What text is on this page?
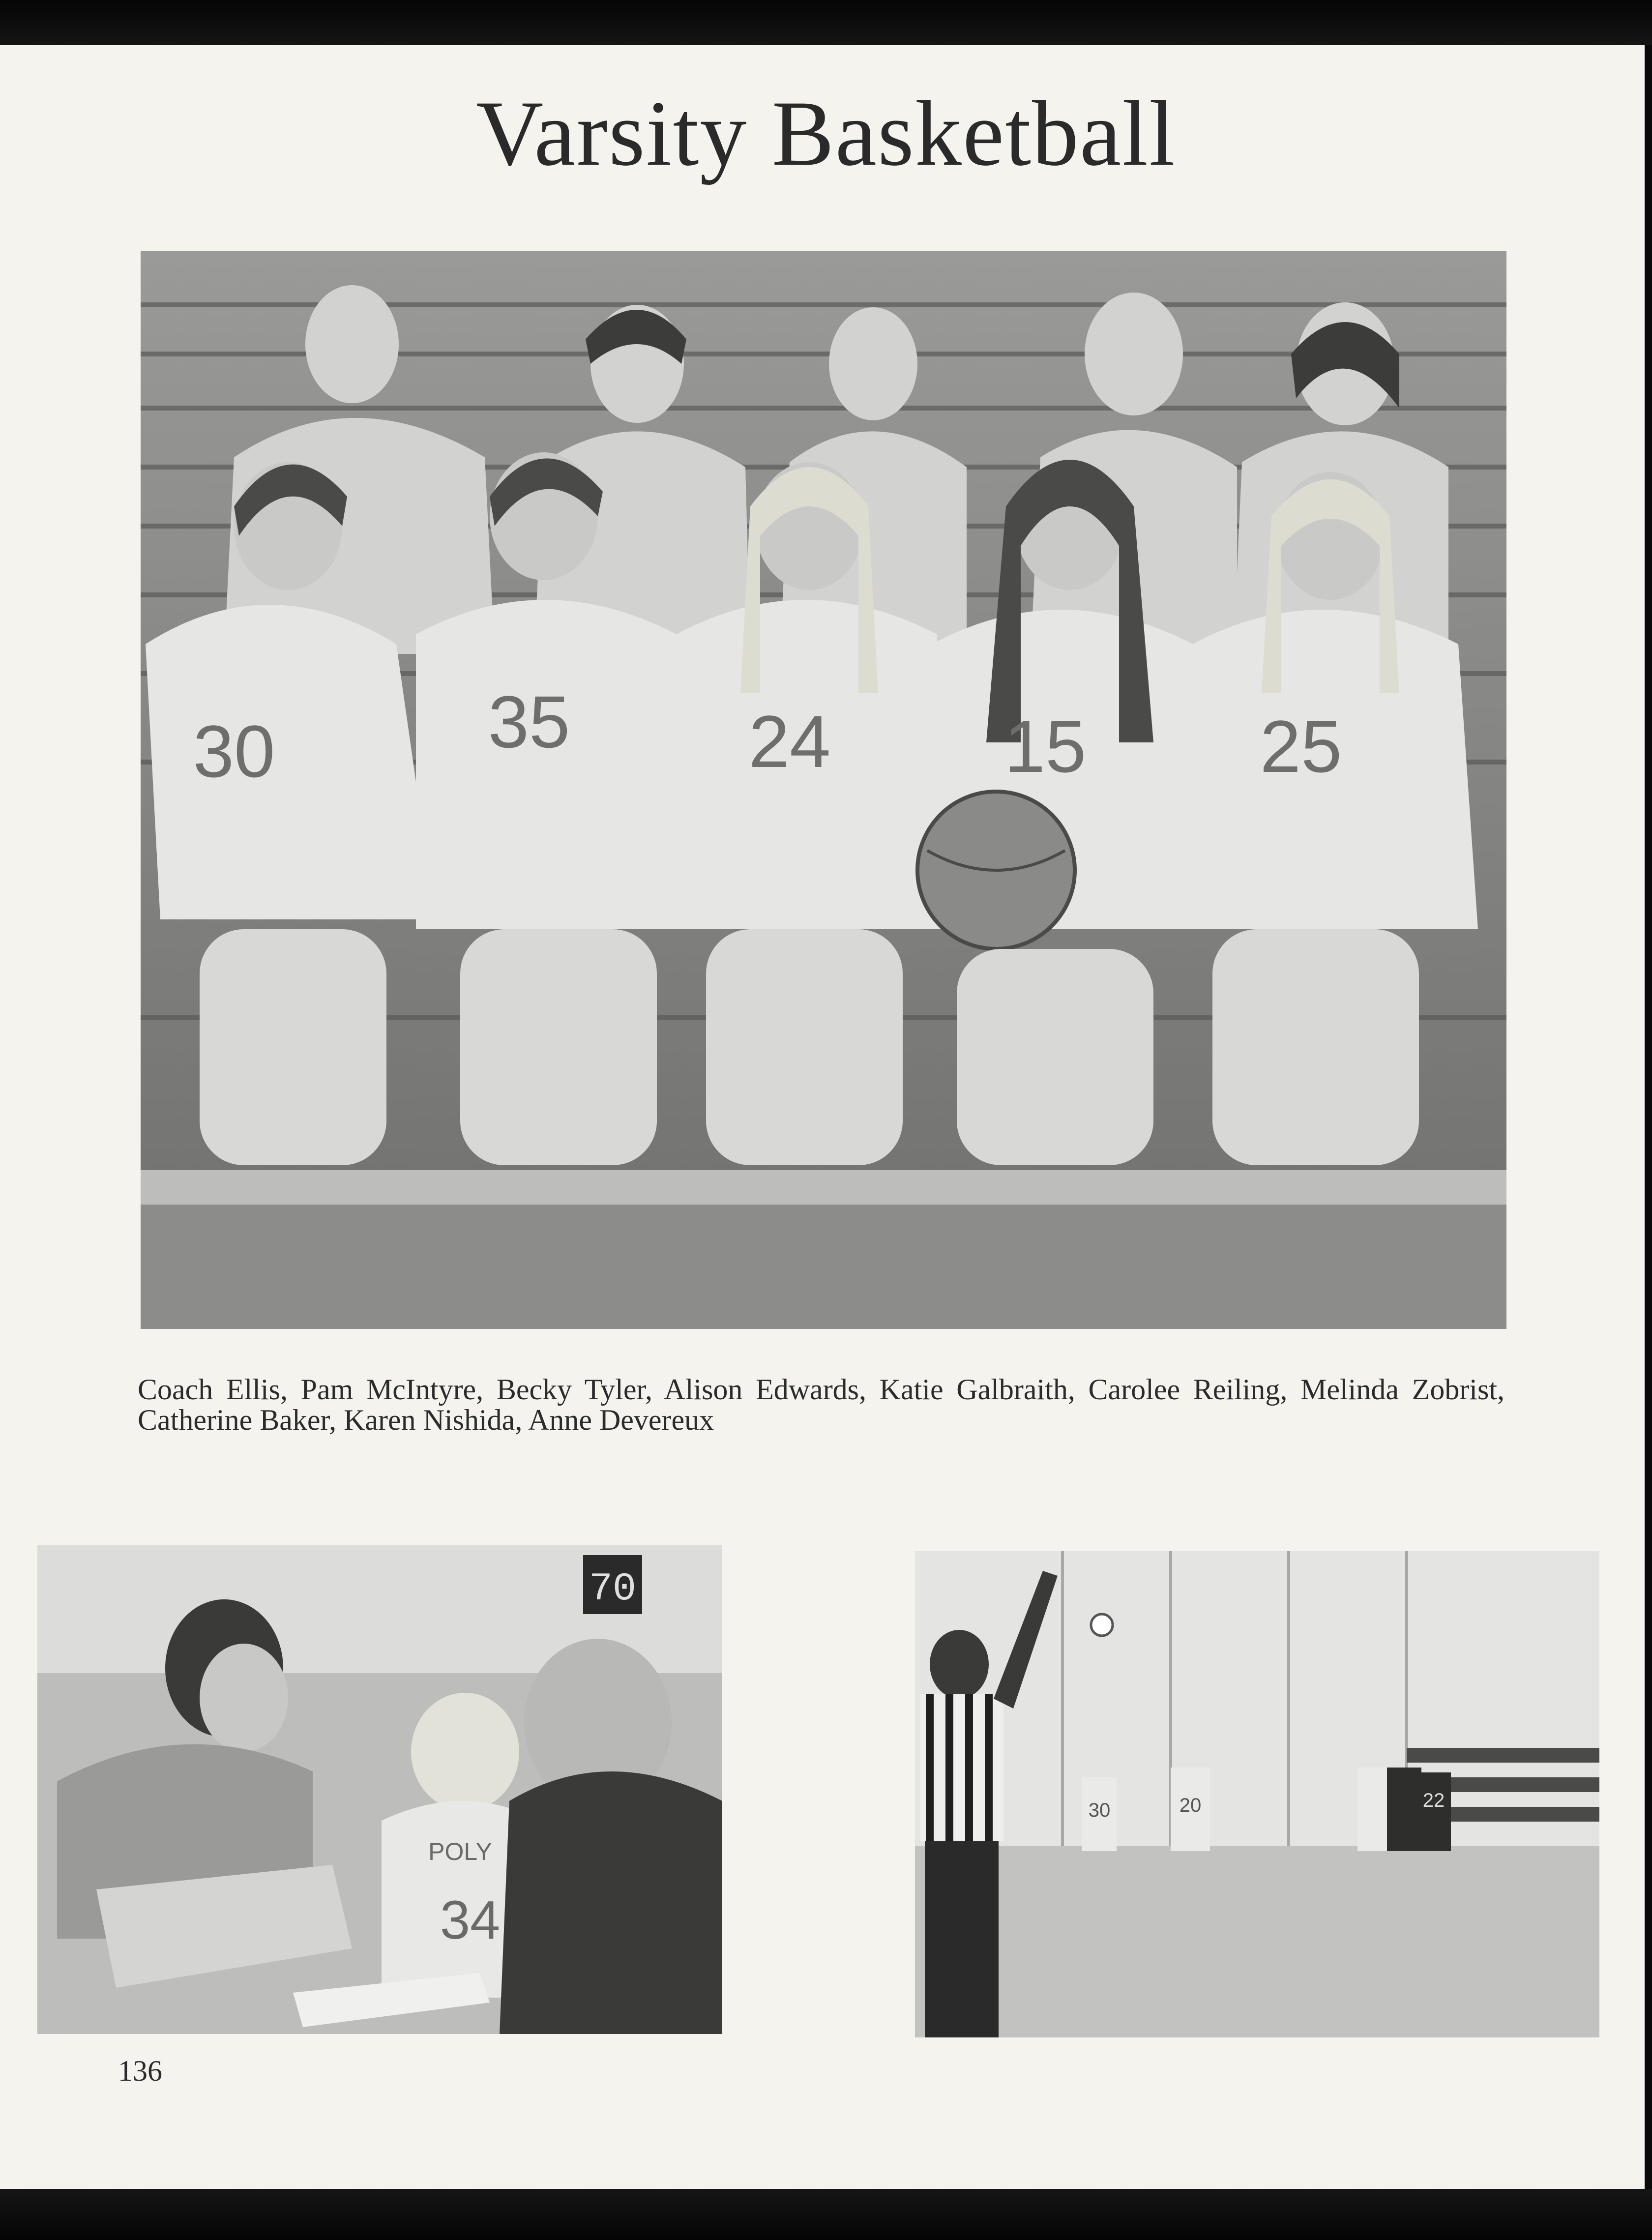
Varsity Basketball
30	35 24 15 25

Coach Ellis, Pam McIntyre, Becky Tyler, Alison Edwards, Katie Galbraith, Carolee Reiling, Melinda Zobrist, Catherine Baker, Karen Nishida, Anne Devereux

70
34
POLY
30	20	22
136
